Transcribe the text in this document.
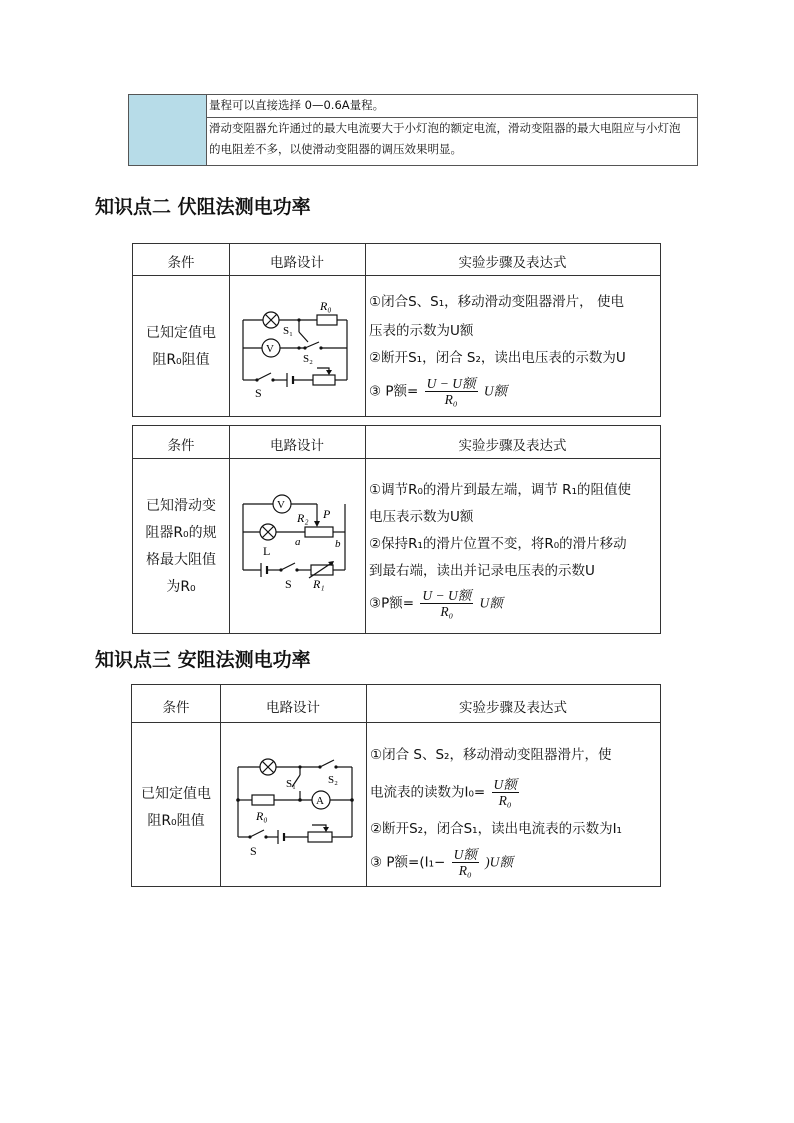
量程可以直接选择 0—0.6A量程。
滑动变阻器允许通过的最大电流要大于小灯泡的额定电流，滑动变阻器的最大电阻应与小灯泡
的电阻差不多，以使滑动变阻器的调压效果明显。
知识点二 伏阻法测电功率
条件	电路设计	实验步骤及表达式
已知定值电
阻R₀阻值
R₀
S₁
V
S₂
S
①闭合S、S₁，移动滑动变阻器滑片， 使电
压表的示数为U额
②断开S₁，闭合 S₂，读出电压表的示数为U
③ P额= $\frac{\text{U − U额}}{\text{R₀}}$ U额
条件	电路设计	实验步骤及表达式
已知滑动变
阻器R₀的规
格最大阻值
为R₀
V
R₂ P
a	b
L
S R₁
①调节R₀的滑片到最左端，调节 R₁的阻值使
电压表示数为U额
②保持R₁的滑片位置不变，将R₀的滑片移动
到最右端，读出并记录电压表的示数U
③P额= $\frac{\text{U − U额}}{\text{R₀}}$ U额
知识点三 安阻法测电功率
条件	电路设计	实验步骤及表达式
已知定值电
阻R₀阻值
S₁	S₂
R₀
A
S
①闭合 S、S₂，移动滑动变阻器滑片，使
电流表的读数为$I_0= \frac{\text{U额}}{\text{R₀}}$
②断开S₂，闭合S₁，读出电流表的示数为I₁
③ P额$=(I_1- \frac{\text{U额}}{\text{R₀}} )U$额
